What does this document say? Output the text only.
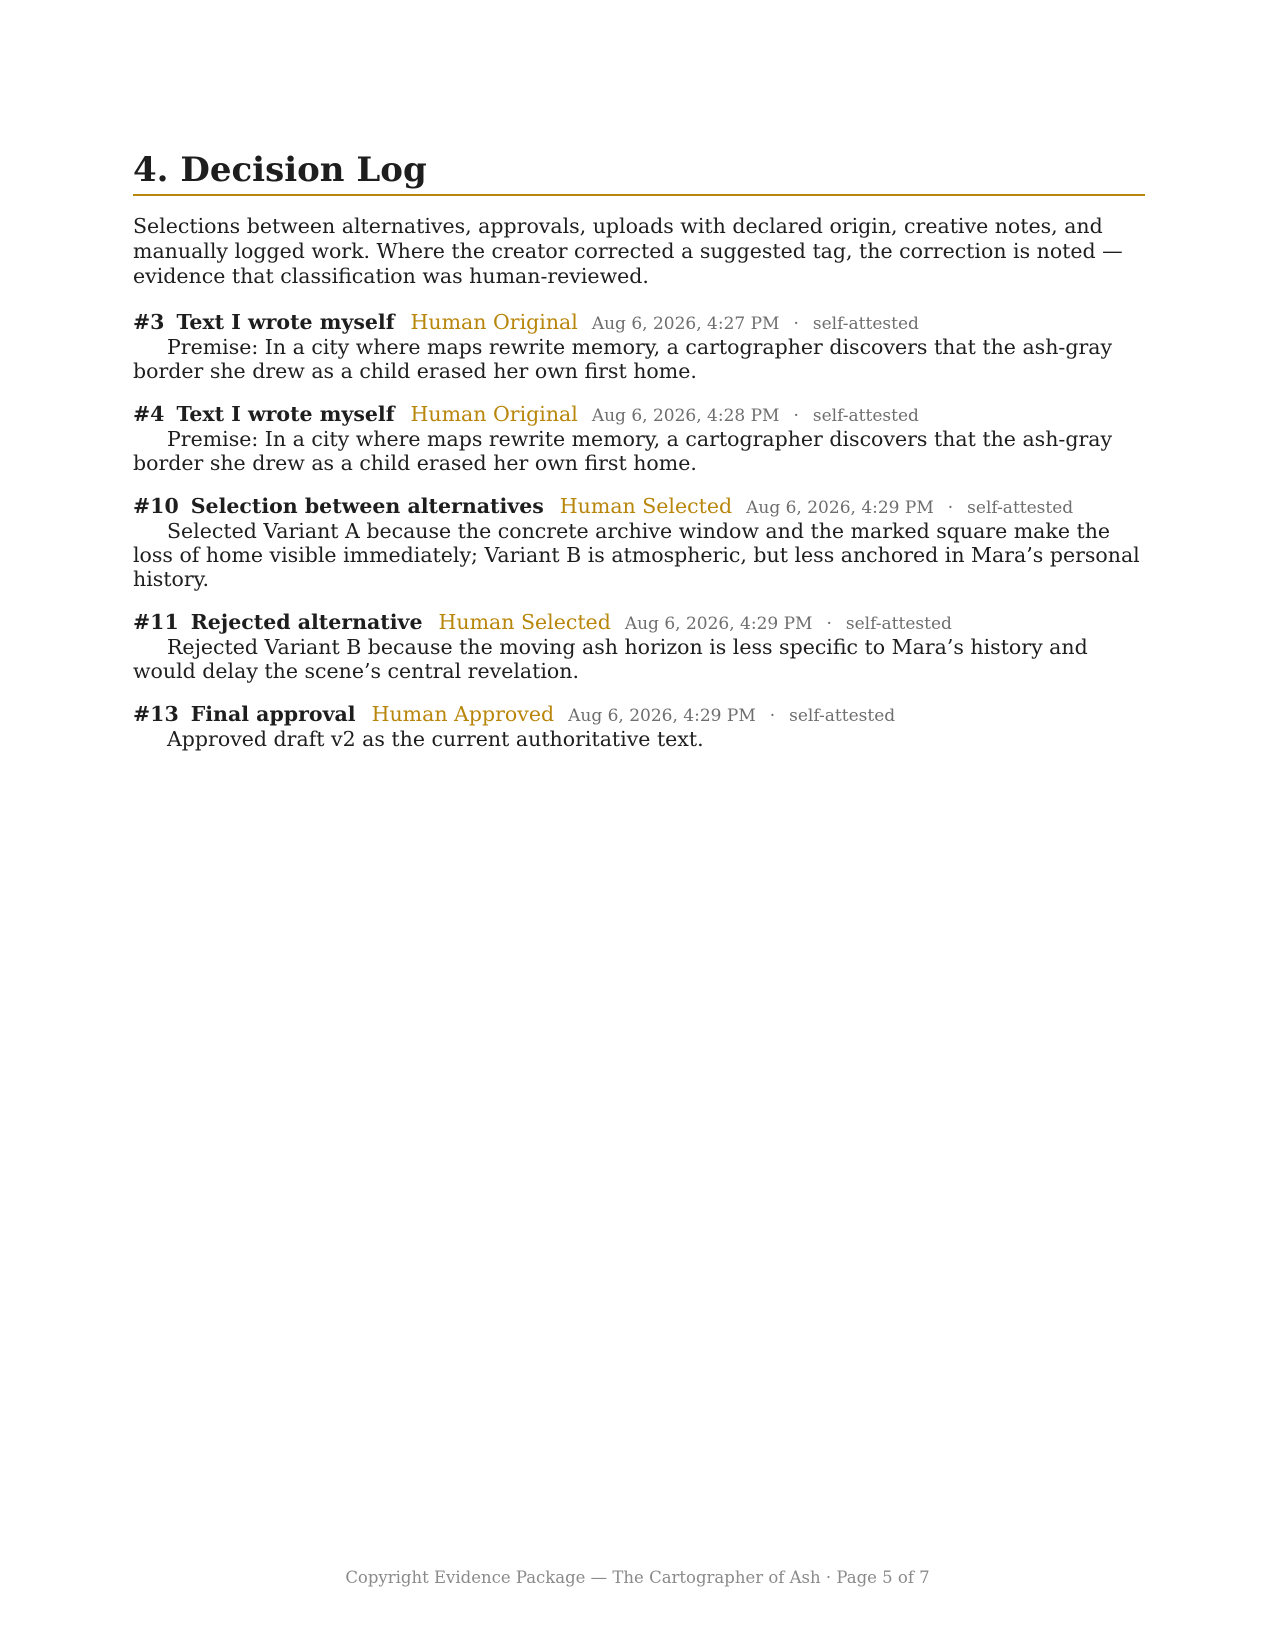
4. Decision Log

Selections between alternatives, approvals, uploads with declared origin, creative notes, and manually logged work. Where the creator corrected a suggested tag, the correction is noted — evidence that classification was human-reviewed.

#3 Text I wrote myself Human Original Aug 6, 2026, 4:27 PM · self-attested

Premise: In a city where maps rewrite memory, a cartographer discovers that the ash-gray border she drew as a child erased her own first home.

#4 Text I wrote myself Human Original Aug 6, 2026, 4:28 PM · self-attested

Premise: In a city where maps rewrite memory, a cartographer discovers that the ash-gray border she drew as a child erased her own first home.

#10 Selection between alternatives Human Selected Aug 6, 2026, 4:29 PM · self-attested

Selected Variant A because the concrete archive window and the marked square make the loss of home visible immediately; Variant B is atmospheric, but less anchored in Mara’s personal history.

#11 Rejected alternative Human Selected Aug 6, 2026, 4:29 PM · self-attested

Rejected Variant B because the moving ash horizon is less specific to Mara’s history and would delay the scene’s central revelation.

#13 Final approval Human Approved Aug 6, 2026, 4:29 PM · self-attested

Approved draft v2 as the current authoritative text.

Copyright Evidence Package — The Cartographer of Ash · Page 5 of 7
